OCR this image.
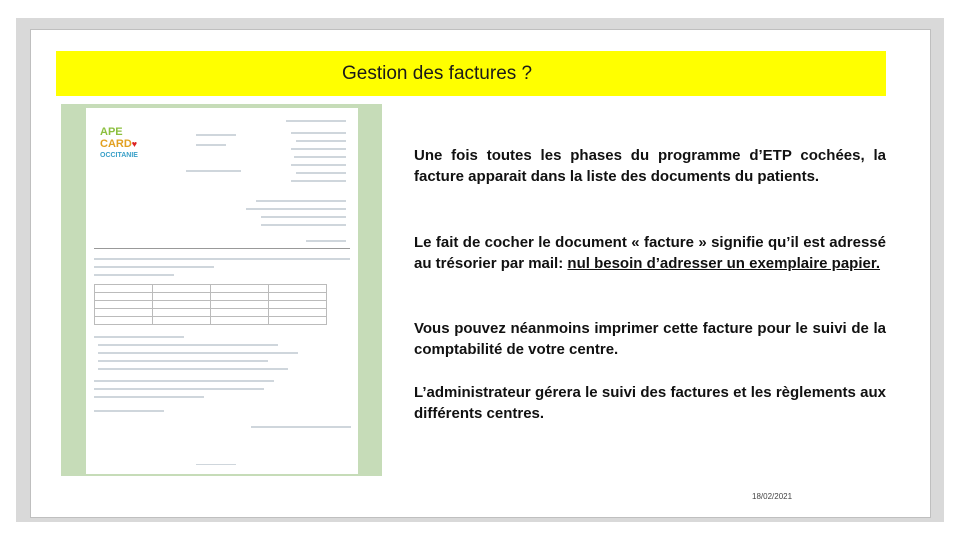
Gestion des factures ?
APE
CARD♥
OCCITANIE

				Une fois toutes les phases du programme d’ETP cochées, la facture apparait dans la liste des documents du patients.
Le fait de cocher le document « facture » signifie qu’il est adressé au trésorier par mail: nul besoin d’adresser un exemplaire papier.
Vous pouvez néanmoins imprimer cette facture pour le suivi de la comptabilité de votre centre.
L’administrateur gérera le suivi des factures et les règlements aux différents centres.
18/02/2021
